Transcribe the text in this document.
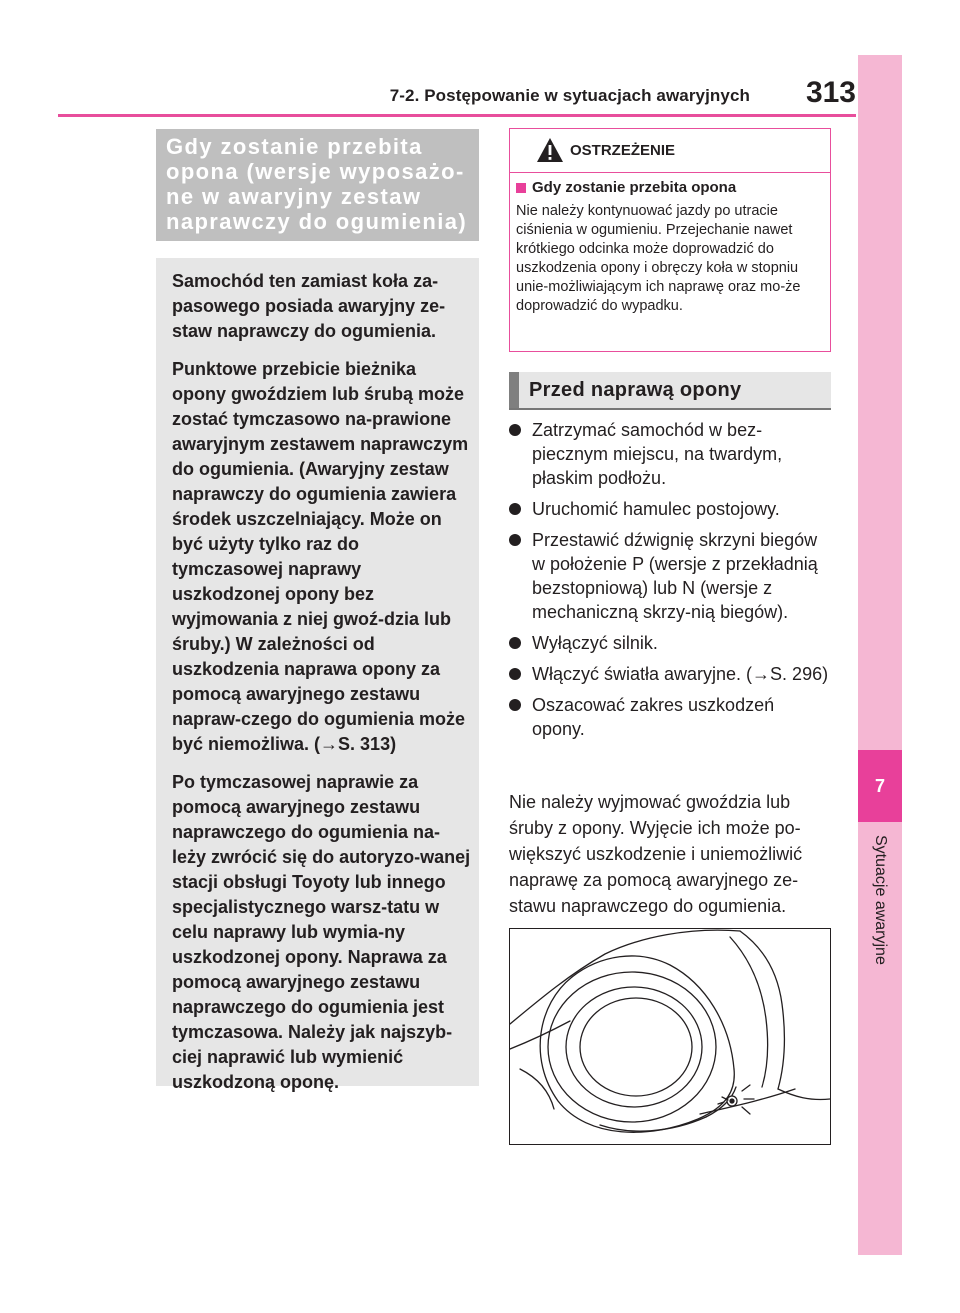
7-2. Postępowanie w sytuacjach awaryjnych 313
7
Sytuacje awaryjne
Gdy zostanie przebita opona (wersje wyposażo-ne w awaryjny zestaw naprawczy do ogumienia)

Samochód ten zamiast koła za-pasowego posiada awaryjny ze-staw naprawczy do ogumienia.

Punktowe przebicie bieżnika opony gwoździem lub śrubą może zostać tymczasowo na-prawione awaryjnym zestawem naprawczym do ogumienia. (Awaryjny zestaw naprawczy do ogumienia zawiera środek uszczelniający. Może on być użyty tylko raz do tymczasowej naprawy uszkodzonej opony bez wyjmowania z niej gwoź-dzia lub śruby.) W zależności od uszkodzenia naprawa opony za pomocą awaryjnego zestawu napraw-czego do ogumienia może być niemożliwa. (→S. 313)

Po tymczasowej naprawie za pomocą awaryjnego zestawu naprawczego do ogumienia na-leży zwrócić się do autoryzo-wanej stacji obsługi Toyoty lub innego specjalistycznego warsz-tatu w celu naprawy lub wymia-ny uszkodzonej opony. Naprawa za pomocą awaryjnego zestawu naprawczego do ogumienia jest tymczasowa. Należy jak najszyb-ciej naprawić lub wymienić uszkodzoną oponę.

OSTRZEŻENIE

Gdy zostanie przebita opona

Nie należy kontynuować jazdy po utracie ciśnienia w ogumieniu. Przejechanie nawet krótkiego odcinka może doprowadzić do uszkodzenia opony i obręczy koła w stopniu unie-możliwiającym ich naprawę oraz mo-że doprowadzić do wypadku.

Przed naprawą opony
Zatrzymać samochód w bez-piecznym miejscu, na twardym, płaskim podłożu.
Uruchomić hamulec postojowy.
Przestawić dźwignię skrzyni biegów w położenie P (wersje z przekładnią bezstopniową) lub N (wersje z mechaniczną skrzy-nią biegów).
Wyłączyć silnik.
Włączyć światła awaryjne. (→S. 296)
Oszacować zakres uszkodzeń opony.

Nie należy wyjmować gwoździa lub śruby z opony. Wyjęcie ich może po-większyć uszkodzenie i uniemożliwić naprawę za pomocą awaryjnego ze-stawu naprawczego do ogumienia.
